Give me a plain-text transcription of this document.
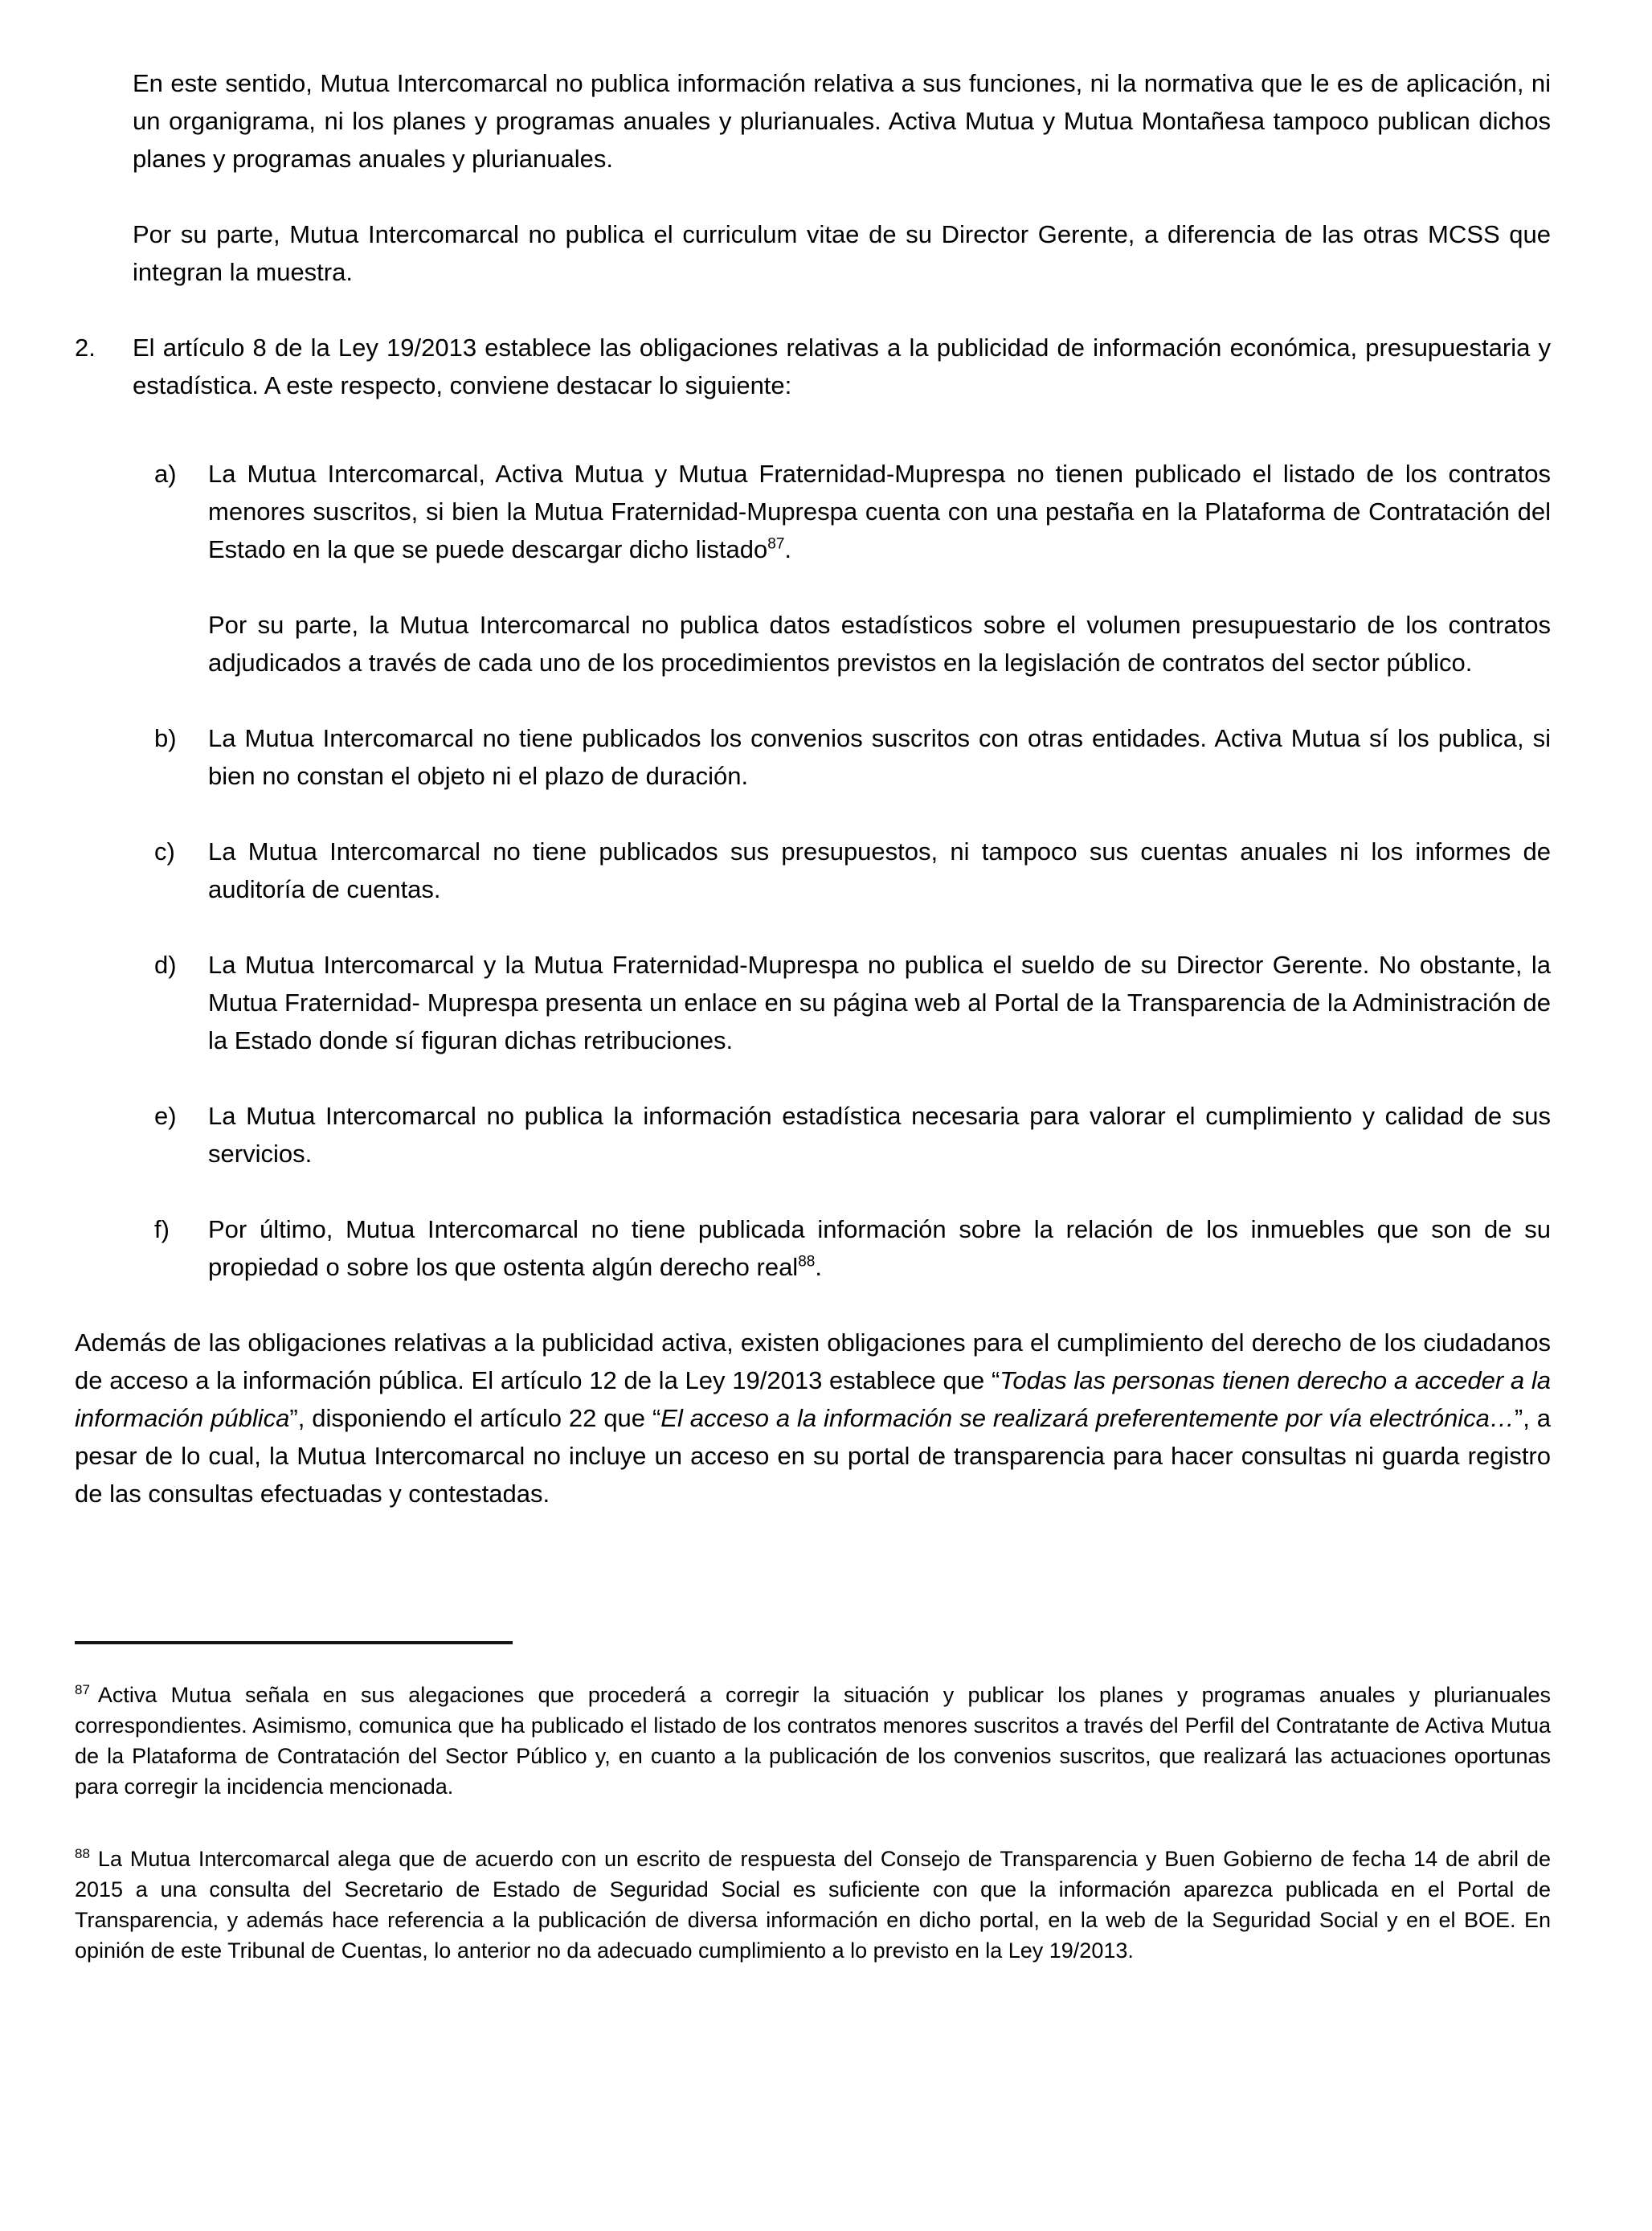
En este sentido, Mutua Intercomarcal no publica información relativa a sus funciones, ni la normativa que le es de aplicación, ni un organigrama, ni los planes y programas anuales y plurianuales. Activa Mutua y Mutua Montañesa tampoco publican dichos planes y programas anuales y plurianuales.

Por su parte, Mutua Intercomarcal no publica el curriculum vitae de su Director Gerente, a diferencia de las otras MCSS que integran la muestra.

2.	El artículo 8 de la Ley 19/2013 establece las obligaciones relativas a la publicidad de información económica, presupuestaria y estadística. A este respecto, conviene destacar lo siguiente:
a)	La Mutua Intercomarcal, Activa Mutua y Mutua Fraternidad-Muprespa no tienen publicado el listado de los contratos menores suscritos, si bien la Mutua Fraternidad-Muprespa cuenta con una pestaña en la Plataforma de Contratación del Estado en la que se puede descargar dicho listado$^{87}$.

Por su parte, la Mutua Intercomarcal no publica datos estadísticos sobre el volumen presupuestario de los contratos adjudicados a través de cada uno de los procedimientos previstos en la legislación de contratos del sector público.

b)	La Mutua Intercomarcal no tiene publicados los convenios suscritos con otras entidades. Activa Mutua sí los publica, si bien no constan el objeto ni el plazo de duración.
c)	La Mutua Intercomarcal no tiene publicados sus presupuestos, ni tampoco sus cuentas anuales ni los informes de auditoría de cuentas.
d)	La Mutua Intercomarcal y la Mutua Fraternidad-Muprespa no publica el sueldo de su Director Gerente. No obstante, la Mutua Fraternidad- Muprespa presenta un enlace en su página web al Portal de la Transparencia de la Administración de la Estado donde sí figuran dichas retribuciones.
e)	La Mutua Intercomarcal no publica la información estadística necesaria para valorar el cumplimiento y calidad de sus servicios.
f)	Por último, Mutua Intercomarcal no tiene publicada información sobre la relación de los inmuebles que son de su propiedad o sobre los que ostenta algún derecho real$^{88}$.

Además de las obligaciones relativas a la publicidad activa, existen obligaciones para el cumplimiento del derecho de los ciudadanos de acceso a la información pública. El artículo 12 de la Ley 19/2013 establece que “Todas las personas tienen derecho a acceder a la información pública”, disponiendo el artículo 22 que “El acceso a la información se realizará preferentemente por vía electrónica…”, a pesar de lo cual, la Mutua Intercomarcal no incluye un acceso en su portal de transparencia para hacer consultas ni guarda registro de las consultas efectuadas y contestadas.

$^{87}$ Activa Mutua señala en sus alegaciones que procederá a corregir la situación y publicar los planes y programas anuales y plurianuales correspondientes. Asimismo, comunica que ha publicado el listado de los contratos menores suscritos a través del Perfil del Contratante de Activa Mutua de la Plataforma de Contratación del Sector Público y, en cuanto a la publicación de los convenios suscritos, que realizará las actuaciones oportunas para corregir la incidencia mencionada.
$^{88}$ La Mutua Intercomarcal alega que de acuerdo con un escrito de respuesta del Consejo de Transparencia y Buen Gobierno de fecha 14 de abril de 2015 a una consulta del Secretario de Estado de Seguridad Social es suficiente con que la información aparezca publicada en el Portal de Transparencia, y además hace referencia a la publicación de diversa información en dicho portal, en la web de la Seguridad Social y en el BOE. En opinión de este Tribunal de Cuentas, lo anterior no da adecuado cumplimiento a lo previsto en la Ley 19/2013.
